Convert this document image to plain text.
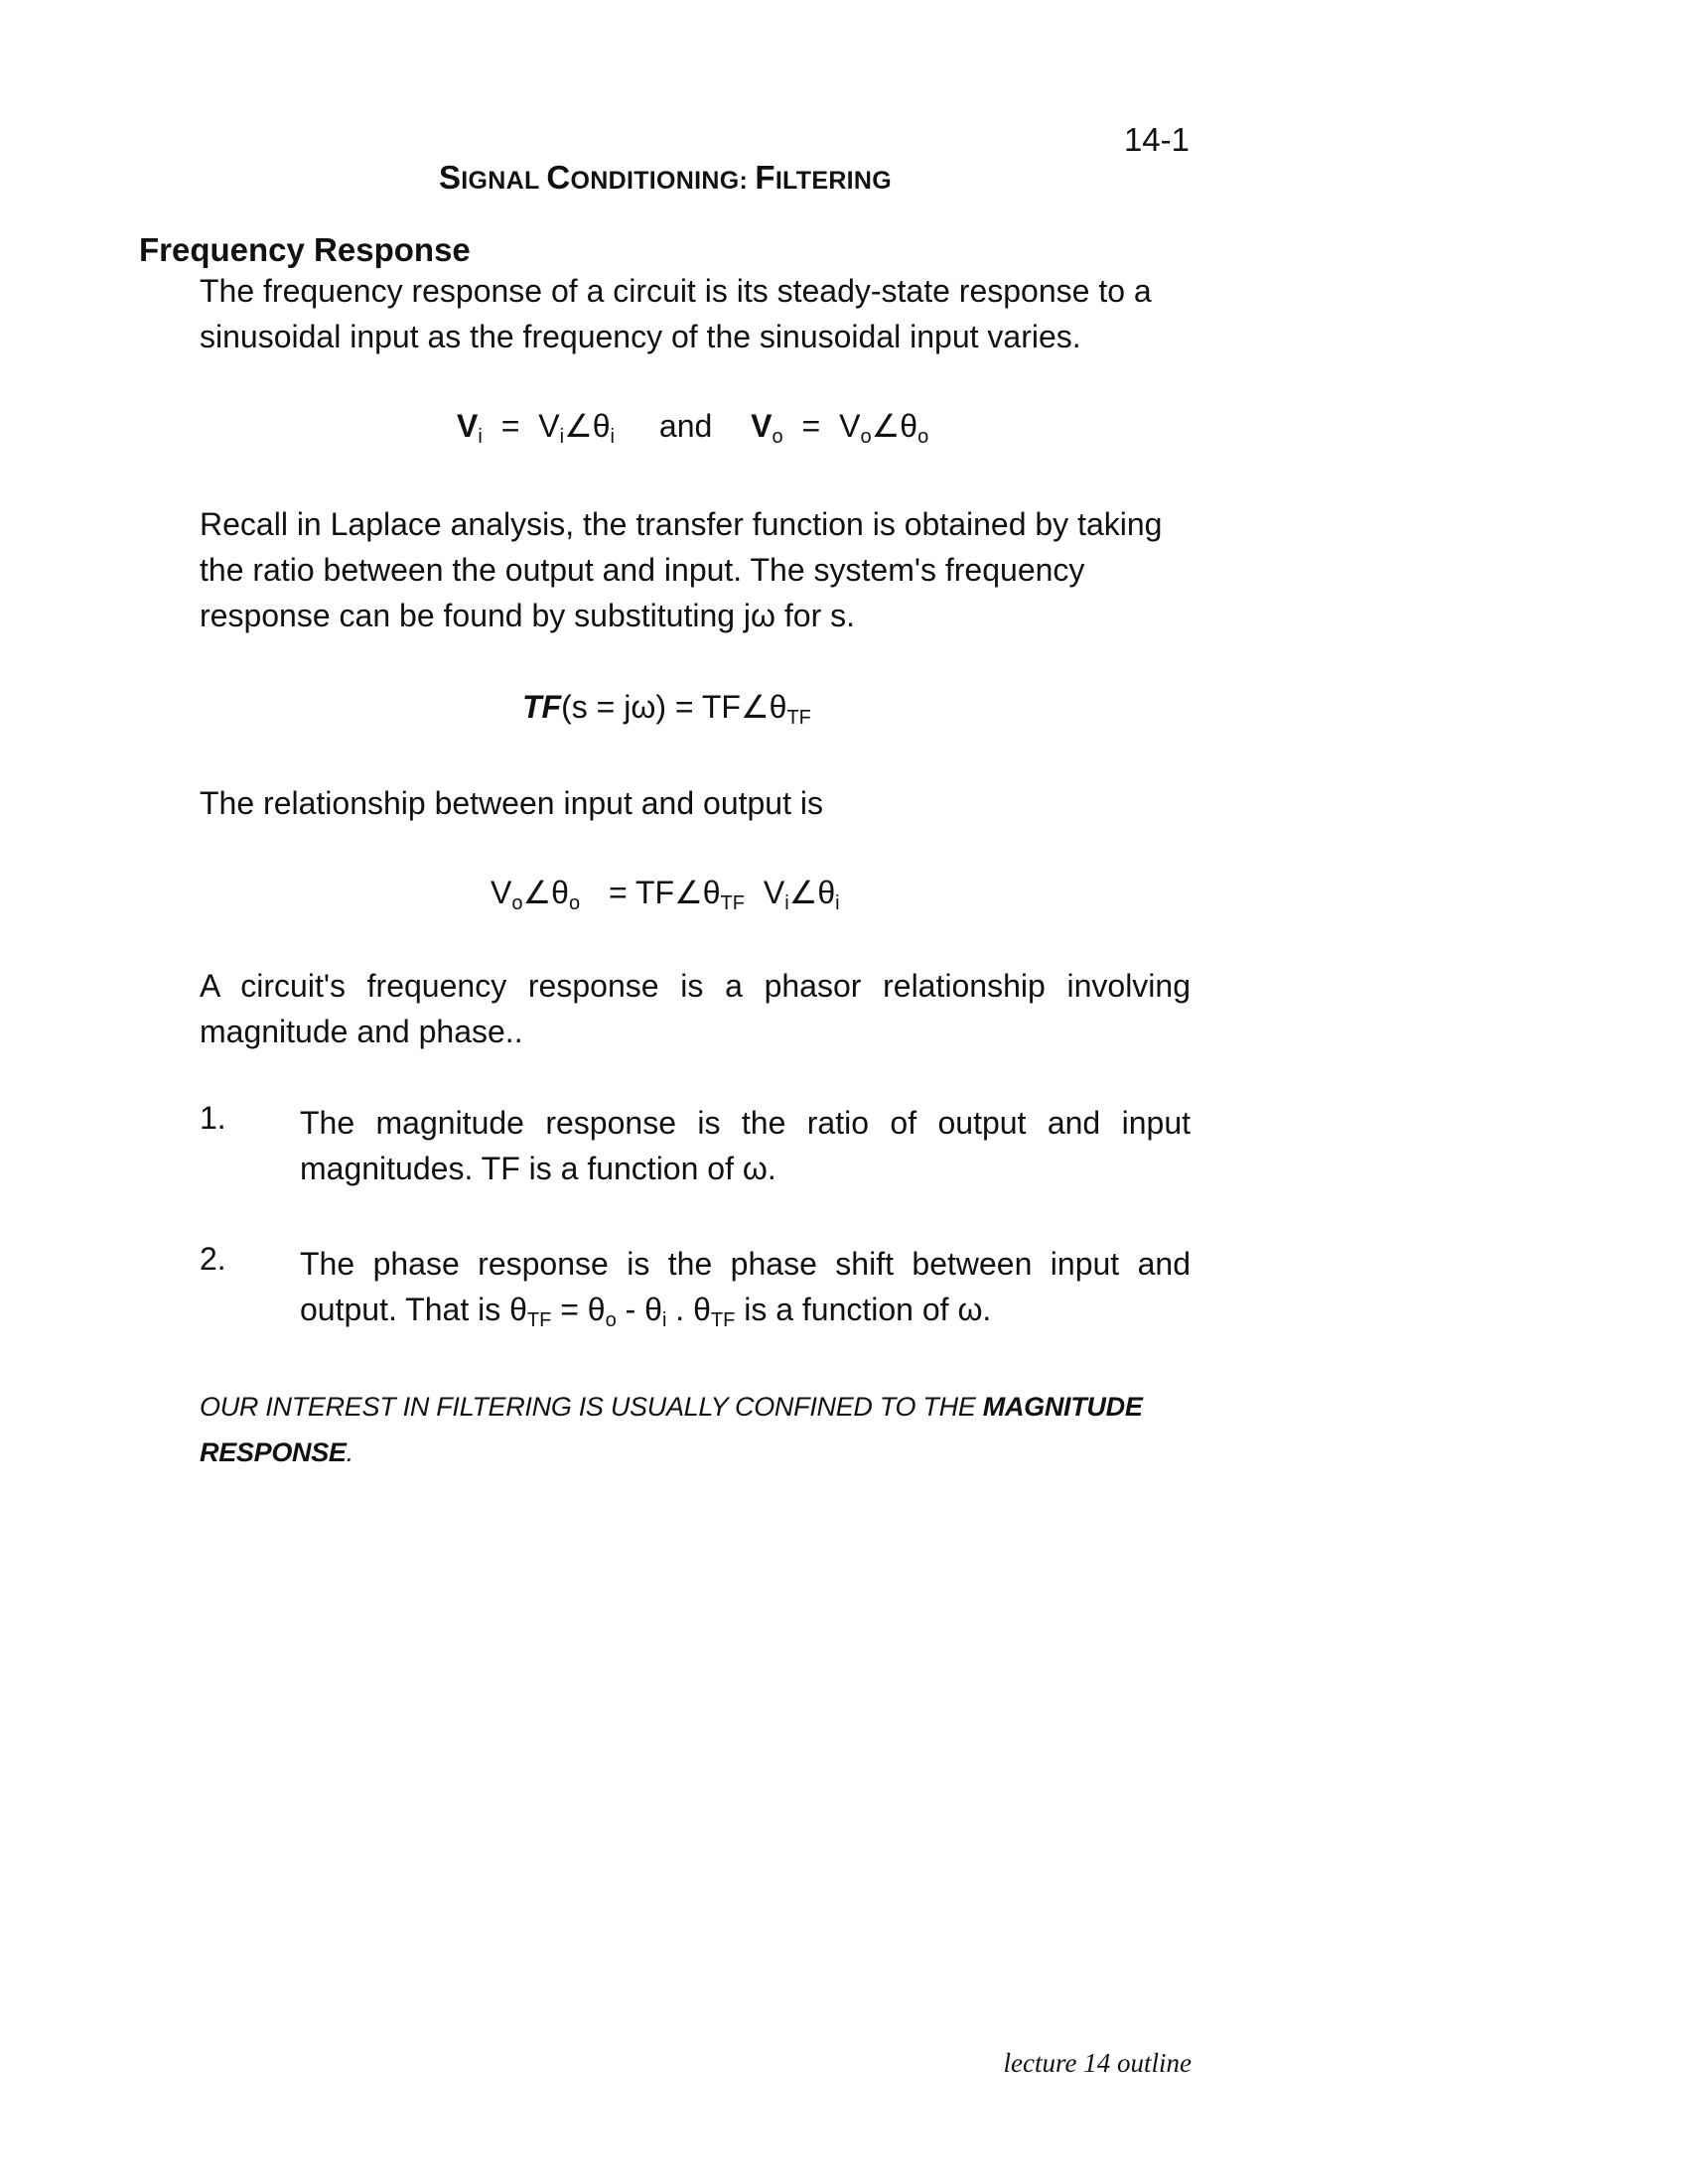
14-1
SIGNAL CONDITIONING: FILTERING
Frequency Response
The frequency response of a circuit is its steady-state response to a sinusoidal input as the frequency of the sinusoidal input varies.
$V_i$ = $V_i\angle\theta_i$ and $V_o$ = $V_o\angle\theta_o$
Recall in Laplace analysis, the transfer function is obtained by taking the ratio between the output and input. The system's frequency response can be found by substituting jω for s.
$TF(s = j\omega) = TF\angle\theta_{TF}$
The relationship between input and output is
$V_o\angle\theta_o$ = $TF\angle\theta_{TF}$ $V_i\angle\theta_i$
A circuit's frequency response is a phasor relationship involving magnitude and phase..
1. The magnitude response is the ratio of output and input magnitudes. TF is a function of ω.
2. The phase response is the phase shift between input and output. That is $\theta_{TF} = \theta_o - \theta_i$ . $\theta_{TF}$ is a function of ω.
OUR INTEREST IN FILTERING IS USUALLY CONFINED TO THE MAGNITUDE
RESPONSE.
lecture 14 outline
